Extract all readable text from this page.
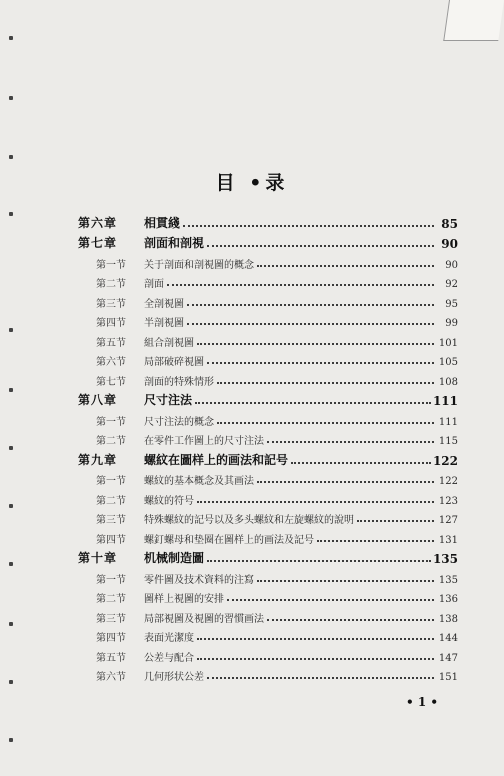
目 •录
第六章	相貫綫	85
第七章	剖面和剖視	90
第一节	关于剖面和剖視圖的概念	90
第二节	剖面	92
第三节	全剖視圖	95
第四节	半剖視圖	99
第五节	組合剖視圖	101
第六节	局部破碎視圖	105
第七节	剖面的特殊情形	108
第八章	尺寸注法	111
第一节	尺寸注法的概念	111
第二节	在零件工作圖上的尺寸注法	115
第九章	螺紋在圖样上的画法和記号	122
第一节	螺紋的基本概念及其画法	122
第二节	螺紋的符号	123
第三节	特殊螺紋的記号以及多头螺紋和左旋螺紋的說明	127
第四节	螺釘螺母和垫圈在圖样上的画法及記号	131
第十章	机械制造圖	135
第一节	零件圖及技术資料的注寫	135
第二节	圖样上視圖的安排	136
第三节	局部視圖及視圖的習慣画法	138
第四节	表面光潔度	144
第五节	公差与配合	147
第六节	几何形状公差	151
• 1 •
